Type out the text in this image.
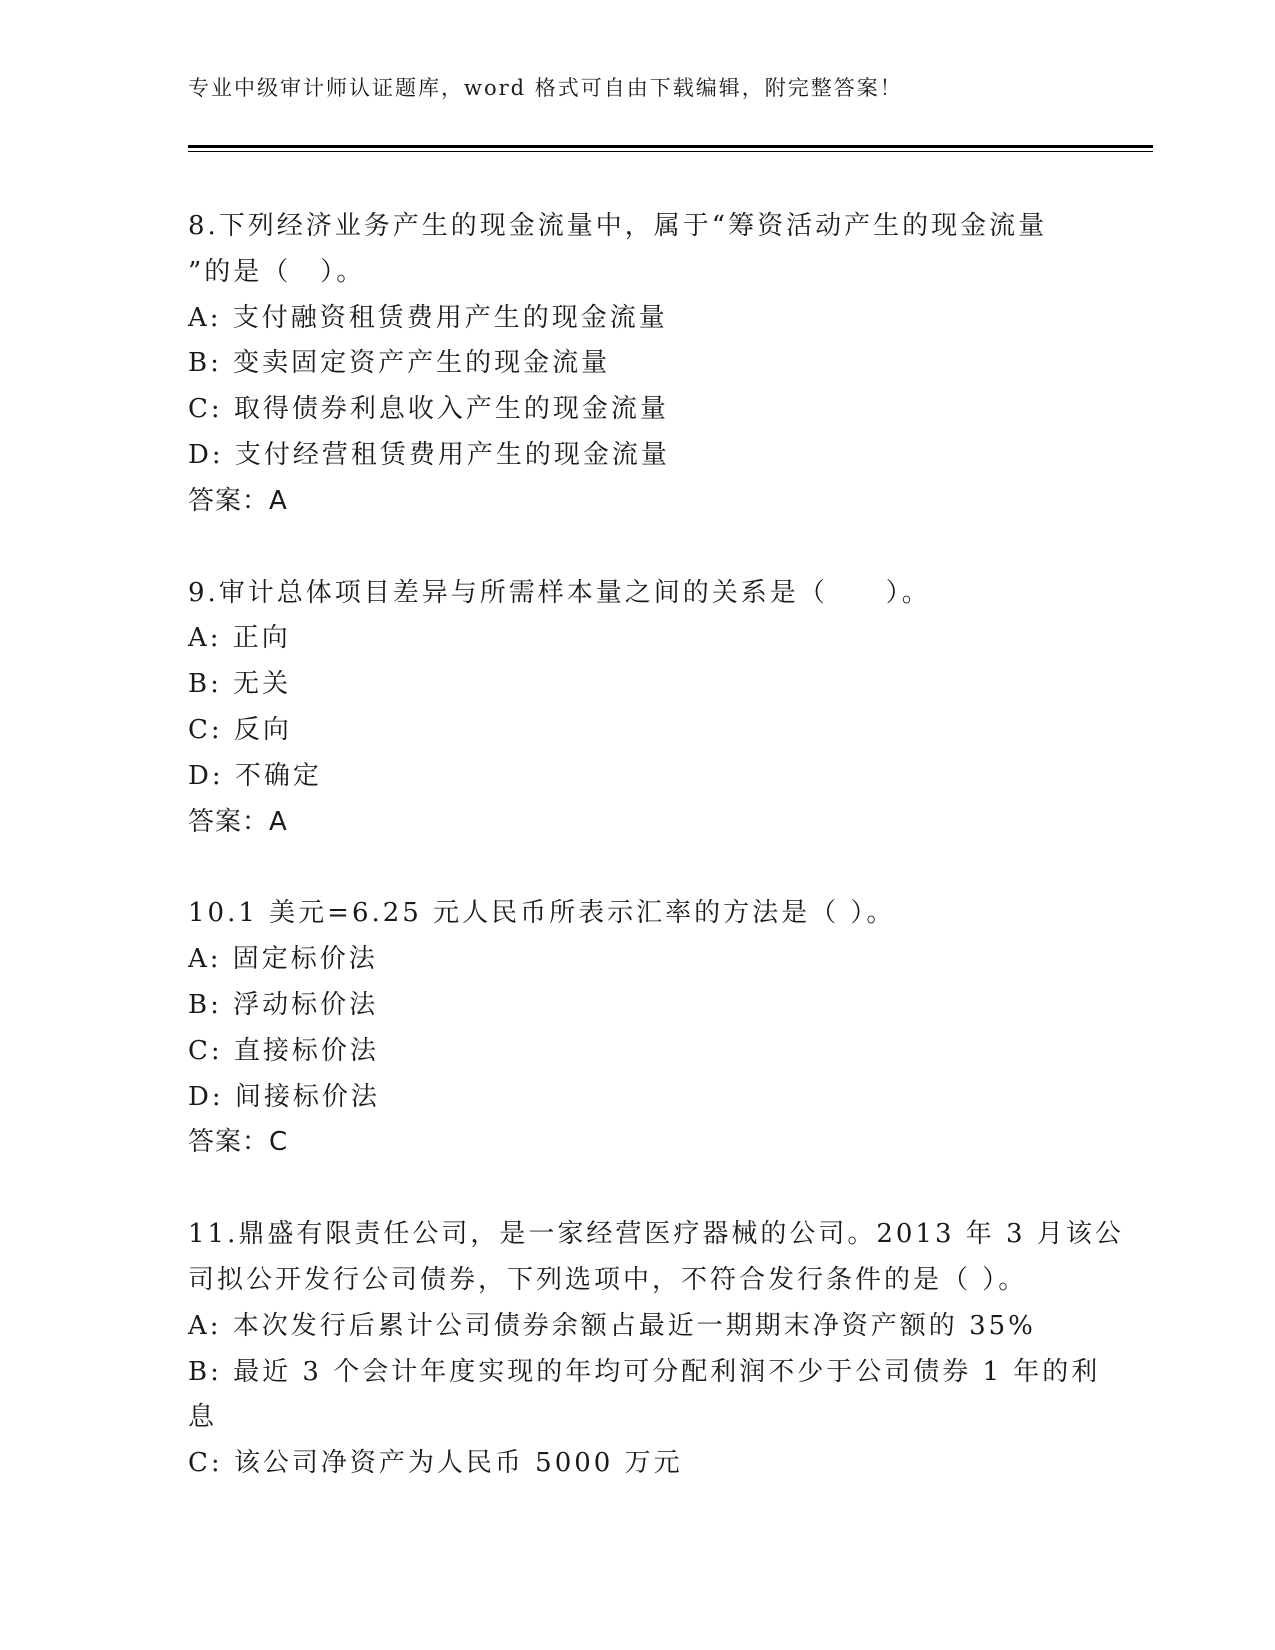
专业中级审计师认证题库，word 格式可自由下载编辑，附完整答案！
8.下列经济业务产生的现金流量中，属于“筹资活动产生的现金流量
”的是（　）。
A: 支付融资租赁费用产生的现金流量
B: 变卖固定资产产生的现金流量
C: 取得债券利息收入产生的现金流量
D: 支付经营租赁费用产生的现金流量
答案：A
9.审计总体项目差异与所需样本量之间的关系是（　　）。
A: 正向
B: 无关
C: 反向
D: 不确定
答案：A
10.1 美元=6.25 元人民币所表示汇率的方法是（ ）。
A: 固定标价法
B: 浮动标价法
C: 直接标价法
D: 间接标价法
答案：C
11.鼎盛有限责任公司，是一家经营医疗器械的公司。2013 年 3 月该公
司拟公开发行公司债券，下列选项中，不符合发行条件的是（ ）。
A: 本次发行后累计公司债券余额占最近一期期末净资产额的 35%
B: 最近 3 个会计年度实现的年均可分配利润不少于公司债券 1 年的利
息
C: 该公司净资产为人民币 5000 万元
